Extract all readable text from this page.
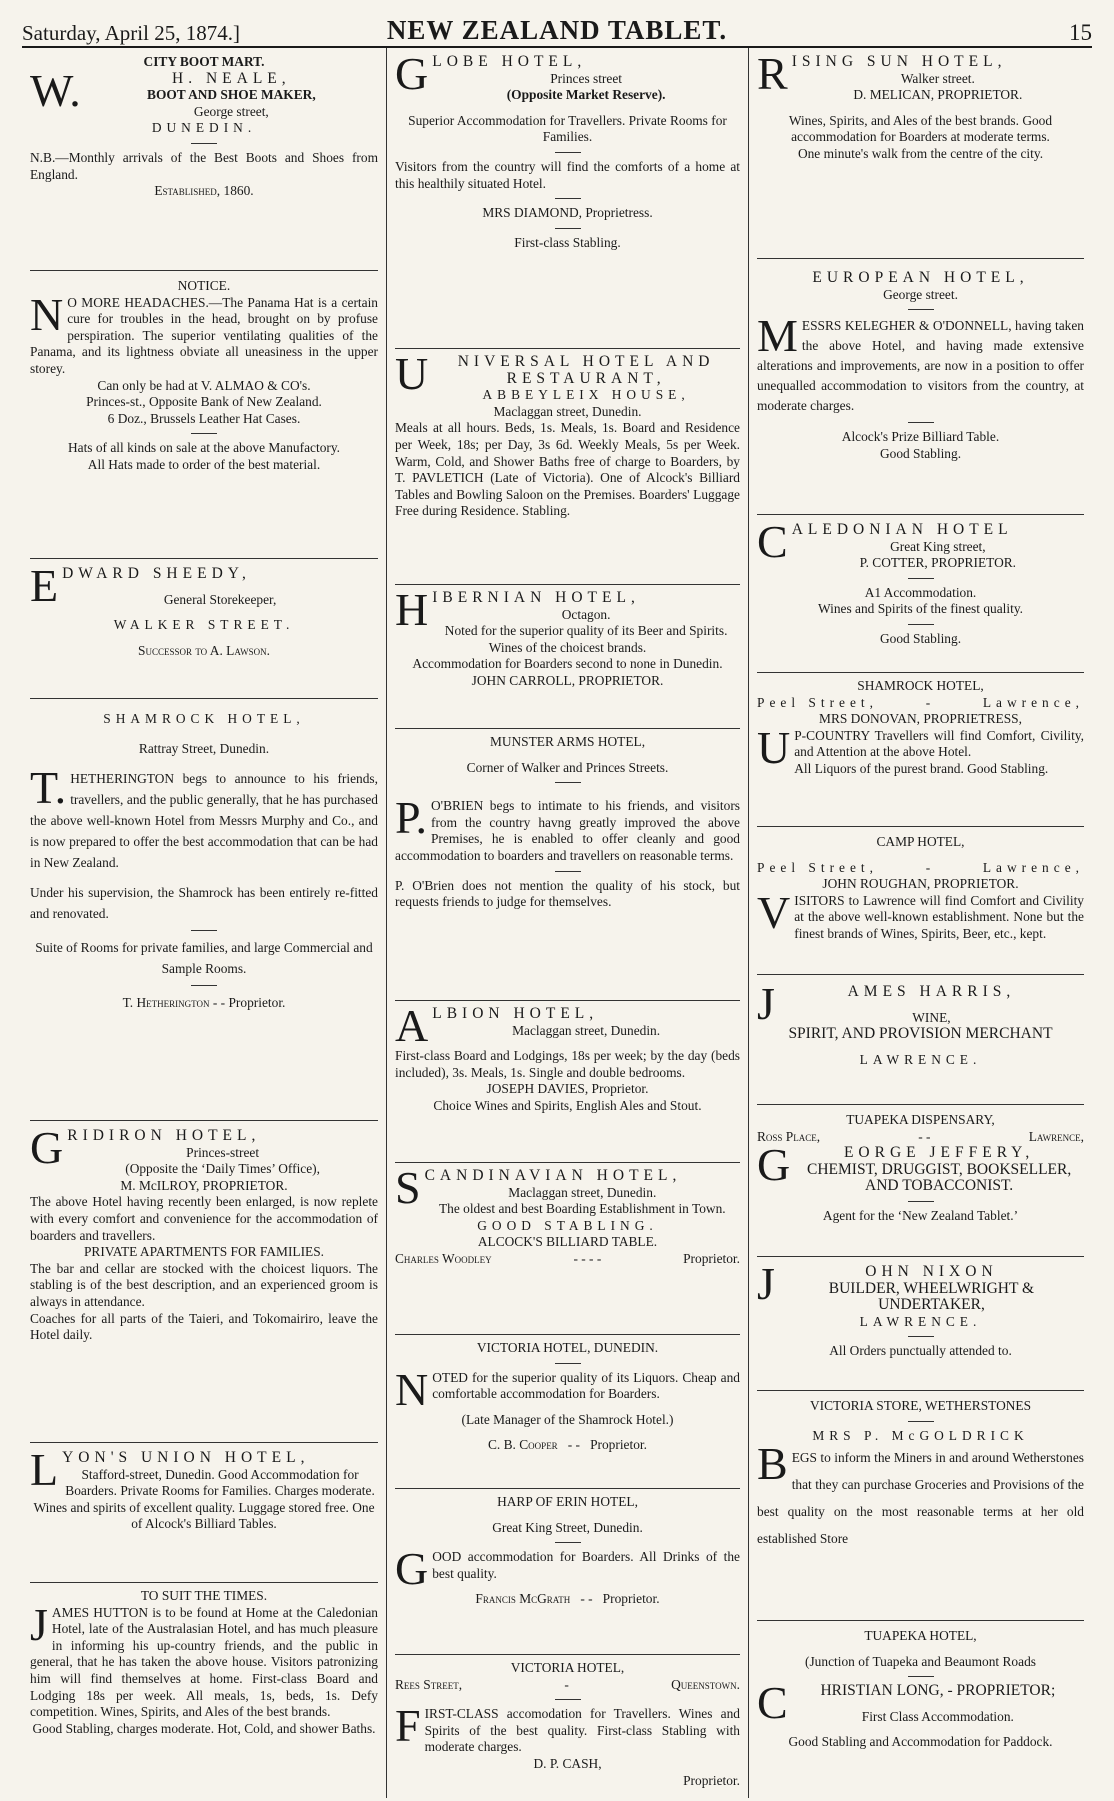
Saturday, April 25, 1874.]	NEW ZEALAND TABLET.	15

CITY BOOT MART.

W.	H. NEALE,

BOOT AND SHOE MAKER,

George street,

DUNEDIN.

N.B.—Monthly arrivals of the Best Boots and Shoes from England.

Established, 1860.

NOTICE.

N O MORE HEADACHES.—The Panama Hat is a certain cure for troubles in the head, brought on by profuse perspiration. The superior ventilating qualities of the Panama, and its lightness obviate all uneasiness in the upper storey.

Can only be had at V. ALMAO & CO's.

Princes-st., Opposite Bank of New Zealand.

6 Doz., Brussels Leather Hat Cases.

Hats of all kinds on sale at the above Manufactory.

All Hats made to order of the best material.

E DWARD SHEEDY,

General Storekeeper,

WALKER STREET.

Successor to A. Lawson.

SHAMROCK HOTEL,

Rattray Street, Dunedin.

T. HETHERINGTON begs to announce to his friends, travellers, and the public generally, that he has purchased the above well-known Hotel from Messrs Murphy and Co., and is now prepared to offer the best accommodation that can be had in New Zealand.

Under his supervision, the Shamrock has been entirely re-fitted and renovated.

Suite of Rooms for private families, and large Commercial and Sample Rooms.

T. Hetherington - - Proprietor.

G RIDIRON HOTEL,

Princes-street

(Opposite the ‘Daily Times’ Office),

M. McILROY, PROPRIETOR.

The above Hotel having recently been enlarged, is now replete with every comfort and convenience for the accommodation of boarders and travellers.

PRIVATE APARTMENTS FOR FAMILIES.

The bar and cellar are stocked with the choicest liquors. The stabling is of the best description, and an experienced groom is always in attendance.

Coaches for all parts of the Taieri, and Tokomairiro, leave the Hotel daily.

L YON'S UNION HOTEL,

Stafford-street, Dunedin. Good Accommodation for Boarders. Private Rooms for Families. Charges moderate. Wines and spirits of excellent quality. Luggage stored free. One of Alcock's Billiard Tables.

TO SUIT THE TIMES.

JAMES HUTTON is to be found at Home at the Caledonian Hotel, late of the Australasian Hotel, and has much pleasure in informing his up-country friends, and the public in general, that he has taken the above house. Visitors patronizing him will find themselves at home. First-class Board and Lodging 18s per week. All meals, 1s, beds, 1s. Defy competition. Wines, Spirits, and Ales of the best brands.

Good Stabling, charges moderate. Hot, Cold, and shower Baths.

G LOBE HOTEL,

Princes street

(Opposite Market Reserve).

Superior Accommodation for Travellers. Private Rooms for Families.

Visitors from the country will find the comforts of a home at this healthily situated Hotel.

MRS DIAMOND, Proprietress.

First-class Stabling.

U	NIVERSAL HOTEL AND RESTAURANT,

ABBEYLEIX HOUSE,

Maclaggan street, Dunedin.

Meals at all hours. Beds, 1s. Meals, 1s. Board and Residence per Week, 18s; per Day, 3s 6d. Weekly Meals, 5s per Week. Warm, Cold, and Shower Baths free of charge to Boarders, by T. PAVLETICH (Late of Victoria). One of Alcock's Billiard Tables and Bowling Saloon on the Premises. Boarders' Luggage Free during Residence. Stabling.

H IBERNIAN HOTEL,

Octagon.

Noted for the superior quality of its Beer and Spirits.

Wines of the choicest brands.

Accommodation for Boarders second to none in Dunedin.

JOHN CARROLL, PROPRIETOR.

MUNSTER ARMS HOTEL,

Corner of Walker and Princes Streets.

P. O'BRIEN begs to intimate to his friends, and visitors from the country havng greatly improved the above Premises, he is enabled to offer cleanly and good accommodation to boarders and travellers on reasonable terms.

P. O'Brien does not mention the quality of his stock, but requests friends to judge for themselves.

A LBION HOTEL,

Maclaggan street, Dunedin.

First-class Board and Lodgings, 18s per week; by the day (beds included), 3s. Meals, 1s. Single and double bedrooms.

JOSEPH DAVIES, Proprietor.

Choice Wines and Spirits, English Ales and Stout.

S CANDINAVIAN HOTEL,

Maclaggan street, Dunedin.

The oldest and best Boarding Establishment in Town.

GOOD STABLING.

ALCOCK'S BILLIARD TABLE.

Charles Woodley	- - - -	Proprietor.

VICTORIA HOTEL, DUNEDIN.

NOTED for the superior quality of its Liquors. Cheap and comfortable accommodation for Boarders.

(Late Manager of the Shamrock Hotel.)

C. B. Cooper - - Proprietor.

HARP OF ERIN HOTEL,

Great King Street, Dunedin.

GOOD accommodation for Boarders. All Drinks of the best quality.

Francis McGrath - - Proprietor.

VICTORIA HOTEL,

Rees Street,	-	Queenstown.

FIRST-CLASS accomodation for Travellers. Wines and Spirits of the best quality. First-class Stabling with moderate charges.

D. P. CASH,

Proprietor.

R ISING SUN HOTEL,

Walker street.

D. MELICAN, PROPRIETOR.

Wines, Spirits, and Ales of the best brands. Good accommodation for Boarders at moderate terms.

One minute's walk from the centre of the city.

EUROPEAN HOTEL,

George street.

MESSRS KELEGHER & O'DONNELL, having taken the above Hotel, and having made extensive alterations and improvements, are now in a position to offer unequalled accommodation to visitors from the country, at moderate charges.

Alcock's Prize Billiard Table.

Good Stabling.

C ALEDONIAN HOTEL

Great King street,

P. COTTER, PROPRIETOR.

A1 Accommodation.

Wines and Spirits of the finest quality.

Good Stabling.

SHAMROCK HOTEL,

Peel Street,	-	Lawrence,

MRS DONOVAN, PROPRIETRESS,

U P-COUNTRY Travellers will find Comfort, Civility, and Attention at the above Hotel.

All Liquors of the purest brand. Good Stabling.

CAMP HOTEL,

Peel Street,	-	Lawrence,

JOHN ROUGHAN, PROPRIETOR.

VISITORS to Lawrence will find Comfort and Civility at the above well-known establishment. None but the finest brands of Wines, Spirits, Beer, etc., kept.

J	AMES HARRIS,

WINE,

SPIRIT, AND PROVISION MERCHANT

LAWRENCE.

TUAPEKA DISPENSARY,

Ross Place,	- -	Lawrence,

G	EORGE JEFFERY,

CHEMIST, DRUGGIST, BOOKSELLER, AND TOBACCONIST.

Agent for the ‘New Zealand Tablet.’

J	OHN NIXON

BUILDER, WHEELWRIGHT & UNDERTAKER,

LAWRENCE.

All Orders punctually attended to.

VICTORIA STORE, WETHERSTONES

MRS P. McGOLDRICK

BEGS to inform the Miners in and around Wetherstones that they can purchase Groceries and Provisions of the best quality on the most reasonable terms at her old established Store

TUAPEKA HOTEL,

(Junction of Tuapeka and Beaumont Roads

C	HRISTIAN LONG, - PROPRIETOR;

First Class Accommodation.

Good Stabling and Accommodation for Paddock.
